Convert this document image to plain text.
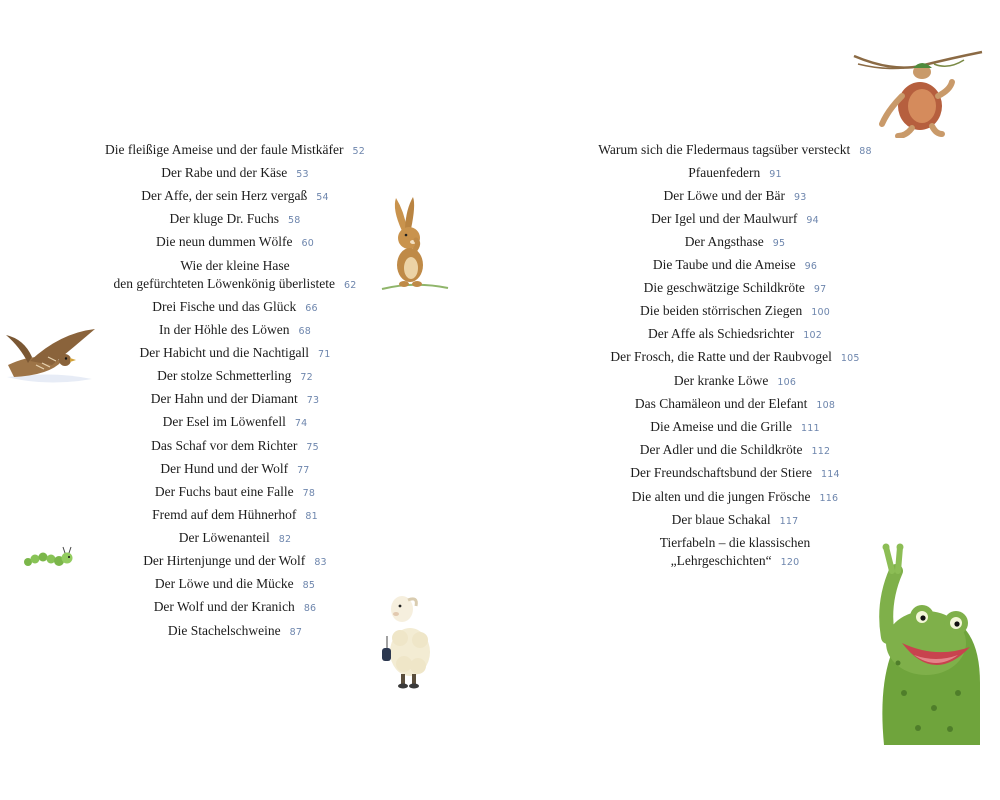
Die fleißige Ameise und der faule Mistkäfer 52
Der Rabe und der Käse 53
Der Affe, der sein Herz vergaß 54
Der kluge Dr. Fuchs 58
Die neun dummen Wölfe 60
Wie der kleine Hase
den gefürchteten Löwenkönig überlistete 62
Drei Fische und das Glück 66
In der Höhle des Löwen 68
Der Habicht und die Nachtigall 71
Der stolze Schmetterling 72
Der Hahn und der Diamant 73
Der Esel im Löwenfell 74
Das Schaf vor dem Richter 75
Der Hund und der Wolf 77
Der Fuchs baut eine Falle 78
Fremd auf dem Hühnerhof 81
Der Löwenanteil 82
Der Hirtenjunge und der Wolf 83
Der Löwe und die Mücke 85
Der Wolf und der Kranich 86
Die Stachelschweine 87
Warum sich die Fledermaus tagsüber versteckt 88
Pfauenfedern 91
Der Löwe und der Bär 93
Der Igel und der Maulwurf 94
Der Angsthase 95
Die Taube und die Ameise 96
Die geschwätzige Schildkröte 97
Die beiden störrischen Ziegen 100
Der Affe als Schiedsrichter 102
Der Frosch, die Ratte und der Raubvogel 105
Der kranke Löwe 106
Das Chamäleon und der Elefant 108
Die Ameise und die Grille 111
Der Adler und die Schildkröte 112
Der Freundschaftsbund der Stiere 114
Die alten und die jungen Frösche 116
Der blaue Schakal 117
Tierfabeln – die klassischen
„Lehrgeschichten“ 120
